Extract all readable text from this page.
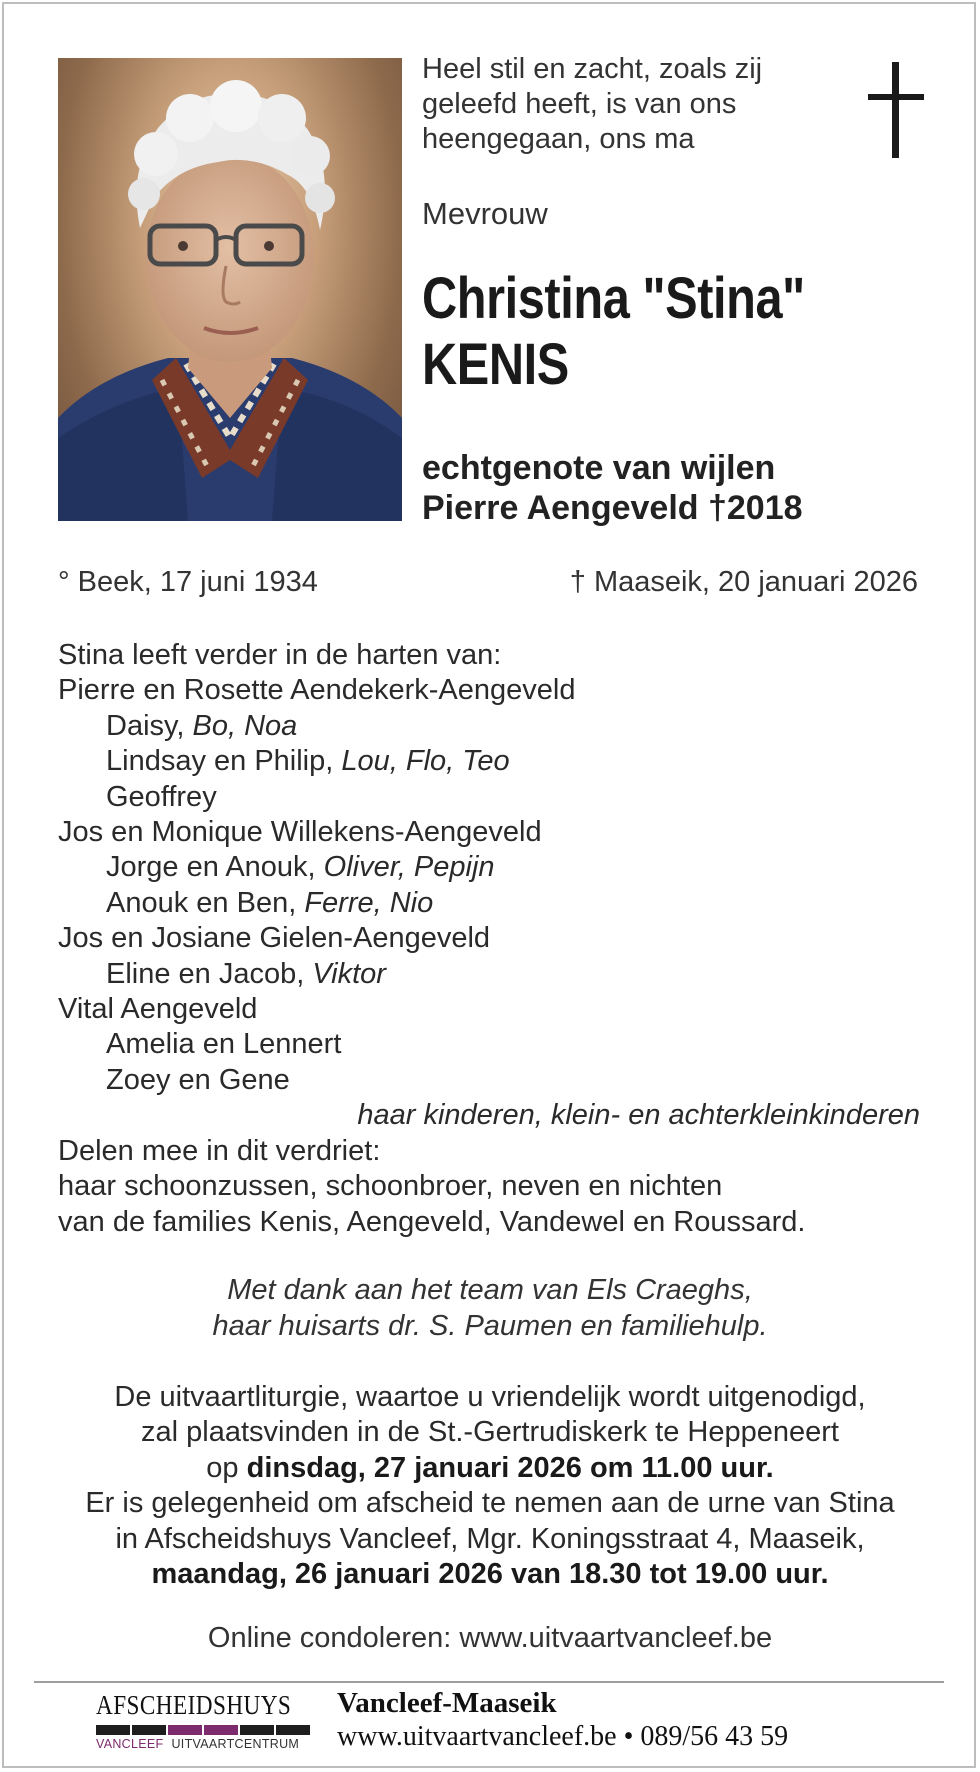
Heel stil en zacht, zoals zij geleefd heeft, is van ons heengegaan, ons ma
Mevrouw
Christina "Stina"
KENIS
echtgenote van wijlen
Pierre Aengeveld †2018
° Beek, 17 juni 1934	† Maaseik, 20 januari 2026
Stina leeft verder in de harten van:
Pierre en Rosette Aendekerk-Aengeveld
Daisy, Bo, Noa
Lindsay en Philip, Lou, Flo, Teo
Geoffrey
Jos en Monique Willekens-Aengeveld
Jorge en Anouk, Oliver, Pepijn
Anouk en Ben, Ferre, Nio
Jos en Josiane Gielen-Aengeveld
Eline en Jacob, Viktor
Vital Aengeveld
Amelia en Lennert
Zoey en Gene
haar kinderen, klein- en achterkleinkinderen
Delen mee in dit verdriet:
haar schoonzussen, schoonbroer, neven en nichten
van de families Kenis, Aengeveld, Vandewel en Roussard.
Met dank aan het team van Els Craeghs,
haar huisarts dr. S. Paumen en familiehulp.
De uitvaartliturgie, waartoe u vriendelijk wordt uitgenodigd,
zal plaatsvinden in de St.-Gertrudiskerk te Heppeneert
op dinsdag, 27 januari 2026 om 11.00 uur.
Er is gelegenheid om afscheid te nemen aan de urne van Stina
in Afscheidshuys Vancleef, Mgr. Koningsstraat 4, Maaseik,
maandag, 26 januari 2026 van 18.30 tot 19.00 uur.
Online condoleren: www.uitvaartvancleef.be
AFSCHEIDSHUYS
VANCLEEF UITVAARTCENTRUM
Vancleef-Maaseik
www.uitvaartvancleef.be • 089/56 43 59
